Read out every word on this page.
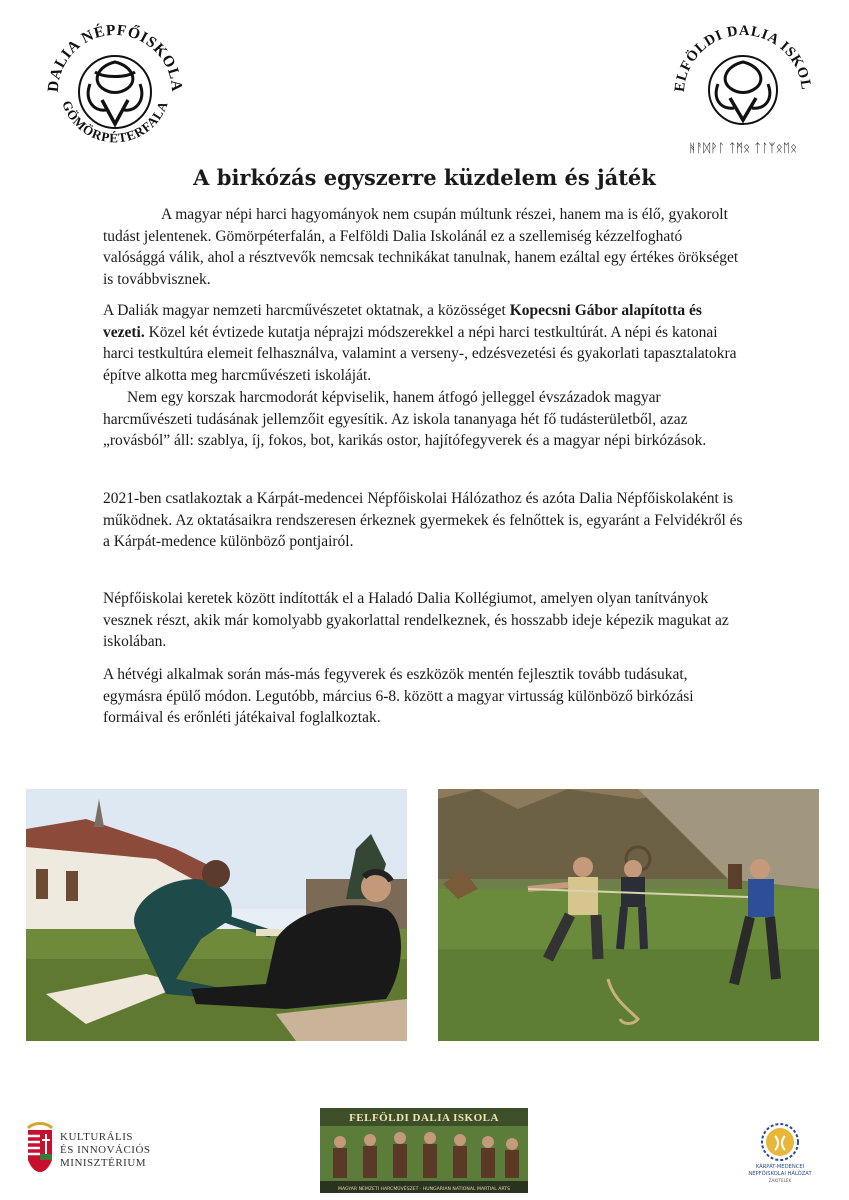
DALIA NÉPFŐISKOLA
GÖMÖRPÉTERFALA
ELFÖLDI DALIA ISKOL
ᚻᚨᛞᚹᛚ ᛏᛗᛟ ᛏᛚᛉᛟᛖᛟ
A birkózás egyszerre küzdelem és játék

A magyar népi harci hagyományok nem csupán múltunk részei, hanem ma is élő, gyakorolt tudást jelentenek. Gömörpéterfalán, a Felföldi Dalia Iskolánál ez a szellemiség kézzelfogható valósággá válik, ahol a résztvevők nemcsak technikákat tanulnak, hanem ezáltal egy értékes örökséget is továbbvisznek.

A Daliák magyar nemzeti harcművészetet oktatnak, a közösséget Kopecsni Gábor alapította és vezeti. Közel két évtizede kutatja néprajzi módszerekkel a népi harci testkultúrát. A népi és katonai harci testkultúra elemeit felhasználva, valamint a verseny-, edzésvezetési és gyakorlati tapasztalatokra építve alkotta meg harcművészeti iskoláját.

Nem egy korszak harcmodorát képviselik, hanem átfogó jelleggel évszázadok magyar harcművészeti tudásának jellemzőit egyesítik. Az iskola tananyaga hét fő tudásterületből, azaz „rovásból” áll: szablya, íj, fokos, bot, karikás ostor, hajítófegyverek és a magyar népi birkózások.

2021-ben csatlakoztak a Kárpát-medencei Népfőiskolai Hálózathoz és azóta Dalia Népfőiskolaként is működnek. Az oktatásaikra rendszeresen érkeznek gyermekek és felnőttek is, egyaránt a Felvidékről és a Kárpát-medence különböző pontjairól.

Népfőiskolai keretek között indították el a Haladó Dalia Kollégiumot, amelyen olyan tanítványok vesznek részt, akik már komolyabb gyakorlattal rendelkeznek, és hosszabb ideje képezik magukat az iskolában.

A hétvégi alkalmak során más-más fegyverek és eszközök mentén fejlesztik tovább tudásukat, egymásra épülő módon. Legutóbb, március 6-8. között a magyar virtusság különböző birkózási formáival és erőnléti játékaival foglalkoztak.

KULTURÁLIS
ÉS INNOVÁCIÓS
MINISZTÉRIUM
FELFÖLDI DALIA ISKOLA
MAGYAR NEMZETI HARCMŰVÉSZET · HUNGARIAN NATIONAL MARTIAL ARTS
KÁRPÁT-MEDENCEI
NÉPFŐISKOLAI HÁLÓZAT
ZAKITELEK
